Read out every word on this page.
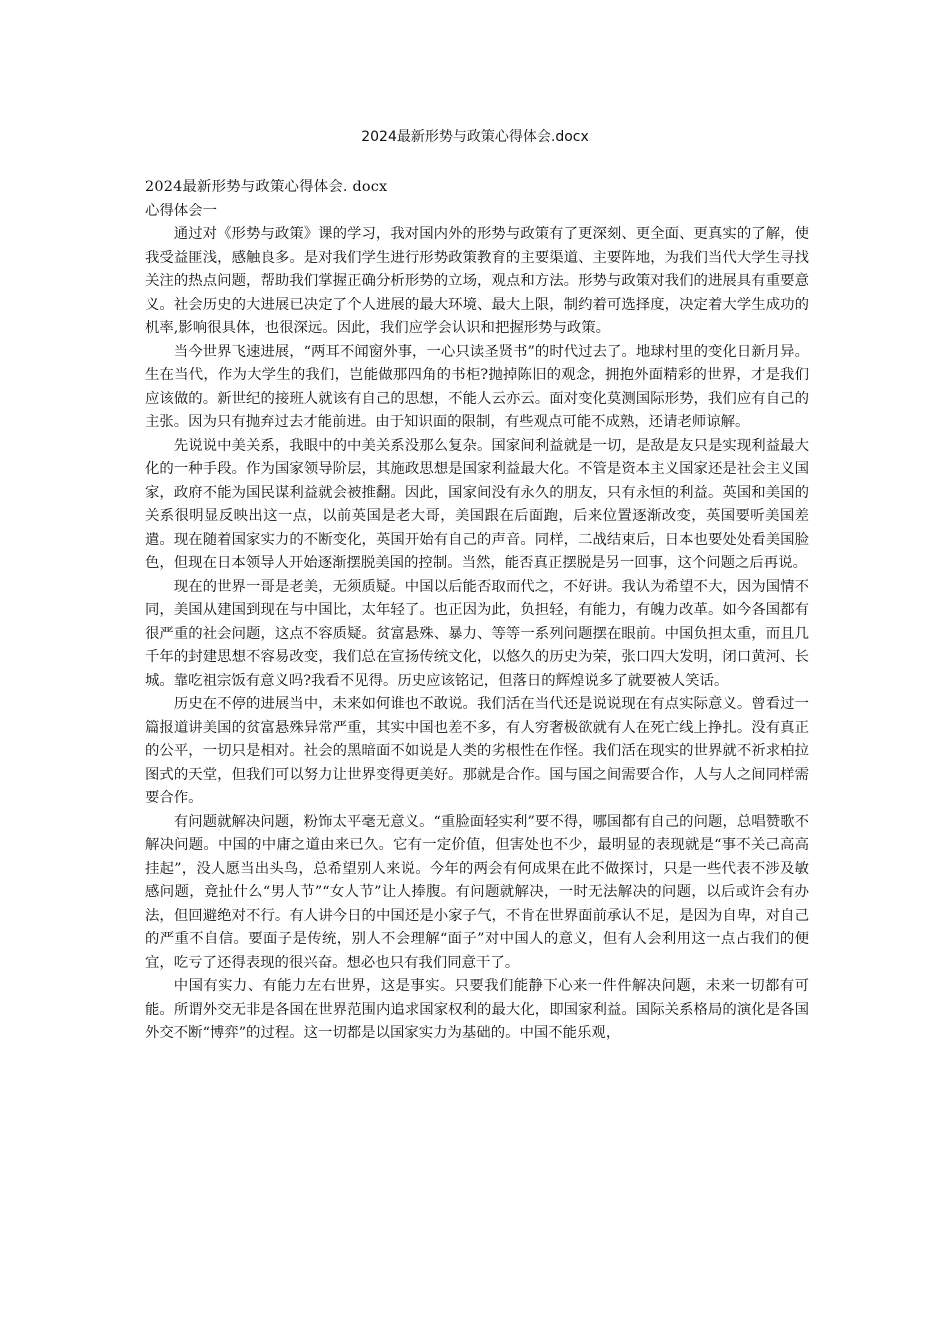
2024最新形势与政策心得体会.docx

2024最新形势与政策心得体会. docx

心得体会一

通过对《形势与政策》课的学习，我对国内外的形势与政策有了更深刻、更全面、更真实的了解，使我受益匪浅，感触良多。是对我们学生进行形势政策教育的主要渠道、主要阵地，为我们当代大学生寻找关注的热点问题，帮助我们掌握正确分析形势的立场，观点和方法。形势与政策对我们的进展具有重要意义。社会历史的大进展已决定了个人进展的最大环境、最大上限，制约着可选择度，决定着大学生成功的机率,影响很具体，也很深远。因此，我们应学会认识和把握形势与政策。

当今世界飞速进展，“两耳不闻窗外事，一心只读圣贤书”的时代过去了。地球村里的变化日新月异。生在当代，作为大学生的我们，岂能做那四角的书柜?抛掉陈旧的观念，拥抱外面精彩的世界，才是我们应该做的。新世纪的接班人就该有自己的思想，不能人云亦云。面对变化莫测国际形势，我们应有自己的主张。因为只有抛弃过去才能前进。由于知识面的限制，有些观点可能不成熟，还请老师谅解。

先说说中美关系，我眼中的中美关系没那么复杂。国家间利益就是一切，是敌是友只是实现利益最大化的一种手段。作为国家领导阶层，其施政思想是国家利益最大化。不管是资本主义国家还是社会主义国家，政府不能为国民谋利益就会被推翻。因此，国家间没有永久的朋友，只有永恒的利益。英国和美国的关系很明显反映出这一点，以前英国是老大哥，美国跟在后面跑，后来位置逐渐改变，英国要听美国差遣。现在随着国家实力的不断变化，英国开始有自己的声音。同样，二战结束后，日本也要处处看美国脸色，但现在日本领导人开始逐渐摆脱美国的控制。当然，能否真正摆脱是另一回事，这个问题之后再说。

现在的世界一哥是老美，无须质疑。中国以后能否取而代之，不好讲。我认为希望不大，因为国情不同，美国从建国到现在与中国比，太年轻了。也正因为此，负担轻，有能力，有魄力改革。如今各国都有很严重的社会问题，这点不容质疑。贫富悬殊、暴力、等等一系列问题摆在眼前。中国负担太重，而且几千年的封建思想不容易改变，我们总在宣扬传统文化，以悠久的历史为荣，张口四大发明，闭口黄河、长城。靠吃祖宗饭有意义吗?我看不见得。历史应该铭记，但落日的辉煌说多了就要被人笑话。

历史在不停的进展当中，未来如何谁也不敢说。我们活在当代还是说说现在有点实际意义。曾看过一篇报道讲美国的贫富悬殊异常严重，其实中国也差不多，有人穷奢极欲就有人在死亡线上挣扎。没有真正的公平，一切只是相对。社会的黑暗面不如说是人类的劣根性在作怪。我们活在现实的世界就不祈求柏拉图式的天堂，但我们可以努力让世界变得更美好。那就是合作。国与国之间需要合作，人与人之间同样需要合作。

有问题就解决问题，粉饰太平毫无意义。“重脸面轻实利”要不得，哪国都有自己的问题，总唱赞歌不解决问题。中国的中庸之道由来已久。它有一定价值，但害处也不少，最明显的表现就是“事不关己高高挂起”，没人愿当出头鸟，总希望别人来说。今年的两会有何成果在此不做探讨，只是一些代表不涉及敏感问题，竟扯什么“男人节”“女人节”让人捧腹。有问题就解决，一时无法解决的问题，以后或许会有办法，但回避绝对不行。有人讲今日的中国还是小家子气，不肯在世界面前承认不足，是因为自卑，对自己的严重不自信。要面子是传统，别人不会理解“面子”对中国人的意义，但有人会利用这一点占我们的便宜，吃亏了还得表现的很兴奋。想必也只有我们同意干了。

中国有实力、有能力左右世界，这是事实。只要我们能静下心来一件件解决问题，未来一切都有可能。所谓外交无非是各国在世界范围内追求国家权利的最大化，即国家利益。国际关系格局的演化是各国外交不断“博弈”的过程。这一切都是以国家实力为基础的。中国不能乐观，
